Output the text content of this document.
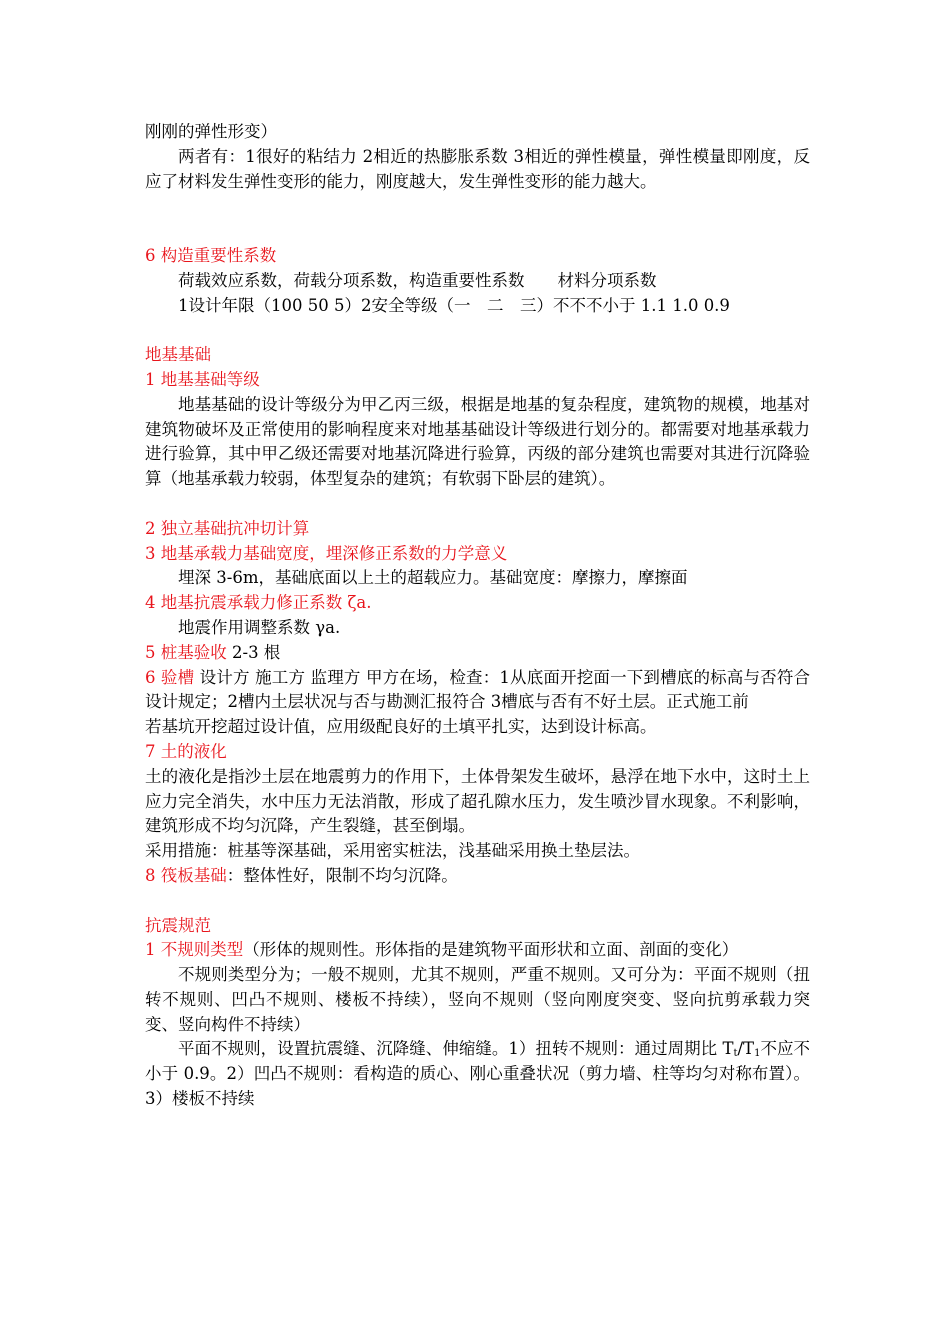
刚刚的弹性形变）

两者有：1很好的粘结力 2相近的热膨胀系数 3相近的弹性模量，弹性模量即刚度，反应了材料发生弹性变形的能力，刚度越大，发生弹性变形的能力越大。

6 构造重要性系数

荷载效应系数，荷载分项系数，构造重要性系数　　材料分项系数

1设计年限（100 50 5）2安全等级（一　二　三）不不不小于 1.1 1.0 0.9

地基基础

1 地基基础等级

地基基础的设计等级分为甲乙丙三级，根据是地基的复杂程度，建筑物的规模，地基对建筑物破坏及正常使用的影响程度来对地基基础设计等级进行划分的。都需要对地基承载力进行验算，其中甲乙级还需要对地基沉降进行验算，丙级的部分建筑也需要对其进行沉降验算（地基承载力较弱，体型复杂的建筑；有软弱下卧层的建筑）。

2 独立基础抗冲切计算

3 地基承载力基础宽度，埋深修正系数的力学意义

埋深 3-6m，基础底面以上土的超载应力。基础宽度：摩擦力，摩擦面

4 地基抗震承载力修正系数 ζa.

地震作用调整系数 γa.

5 桩基验收 2-3 根

6 验槽 设计方 施工方 监理方 甲方在场，检查：1从底面开挖面一下到槽底的标高与否符合设计规定；2槽内土层状况与否与勘测汇报符合 3槽底与否有不好土层。正式施工前

若基坑开挖超过设计值，应用级配良好的土填平扎实，达到设计标高。

7 土的液化

土的液化是指沙土层在地震剪力的作用下，土体骨架发生破坏，悬浮在地下水中，这时土上应力完全消失，水中压力无法消散，形成了超孔隙水压力，发生喷沙冒水现象。不利影响，建筑形成不均匀沉降，产生裂缝，甚至倒塌。

采用措施：桩基等深基础，采用密实桩法，浅基础采用换土垫层法。

8 筏板基础：整体性好，限制不均匀沉降。

抗震规范

1 不规则类型（形体的规则性。形体指的是建筑物平面形状和立面、剖面的变化）

不规则类型分为；一般不规则，尤其不规则，严重不规则。又可分为：平面不规则（扭转不规则、凹凸不规则、楼板不持续），竖向不规则（竖向刚度突变、竖向抗剪承载力突变、竖向构件不持续）

平面不规则，设置抗震缝、沉降缝、伸缩缝。1）扭转不规则：通过周期比 $T_t/T_1$不应不小于 0.9。2）凹凸不规则：看构造的质心、刚心重叠状况（剪力墙、柱等均匀对称布置）。3）楼板不持续
